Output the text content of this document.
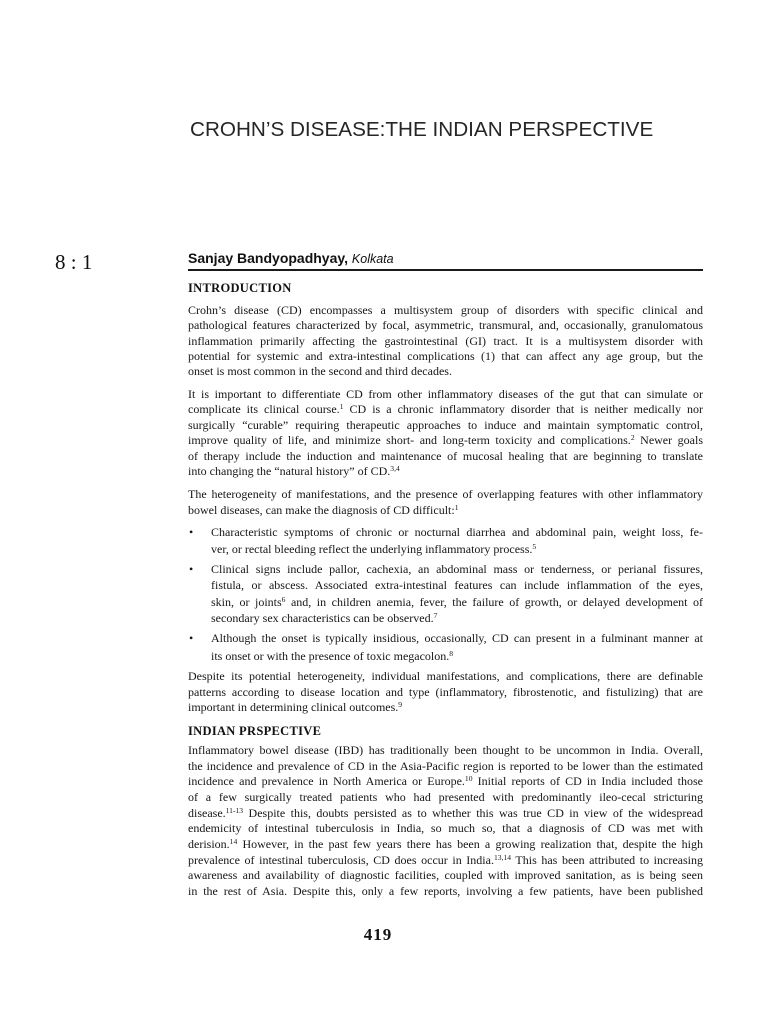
CROHN’S DISEASE:THE INDIAN PERSPECTIVE
8 : 1	Sanjay Bandyopadhyay, Kolkata
INTRODUCTION
Crohn’s disease (CD) encompasses a multisystem group of disorders with specific clinical and
pathological features characterized by focal, asymmetric, transmural, and, occasionally, granulomatous
inflammation primarily affecting the gastrointestinal (GI) tract. It is a multisystem disorder with
potential for systemic and extra-intestinal complications (1) that can affect any age group, but the
onset is most common in the second and third decades.
It is important to differentiate CD from other inflammatory diseases of the gut that can simulate or
complicate its clinical course.$^1$ CD is a chronic inflammatory disorder that is neither medically nor
surgically “curable” requiring therapeutic approaches to induce and maintain symptomatic control,
improve quality of life, and minimize short- and long-term toxicity and complications.$^2$ Newer goals
of therapy include the induction and maintenance of mucosal healing that are beginning to translate
into changing the “natural history” of CD.$^{3,4}$
The heterogeneity of manifestations, and the presence of overlapping features with other inflammatory
bowel diseases, can make the diagnosis of CD difficult:$^1$
• Characteristic symptoms of chronic or nocturnal diarrhea and abdominal pain, weight loss, fe-
ver, or rectal bleeding reflect the underlying inflammatory process.$^5$
• Clinical signs include pallor, cachexia, an abdominal mass or tenderness, or perianal fissures,
fistula, or abscess. Associated extra-intestinal features can include inflammation of the eyes,
skin, or joints$^6$ and, in children anemia, fever, the failure of growth, or delayed development of
secondary sex characteristics can be observed.$^7$
• Although the onset is typically insidious, occasionally, CD can present in a fulminant manner at
its onset or with the presence of toxic megacolon.$^8$
Despite its potential heterogeneity, individual manifestations, and complications, there are definable
patterns according to disease location and type (inflammatory, fibrostenotic, and fistulizing) that are
important in determining clinical outcomes.$^9$
INDIAN PRSPECTIVE
Inflammatory bowel disease (IBD) has traditionally been thought to be uncommon in India. Overall,
the incidence and prevalence of CD in the Asia-Pacific region is reported to be lower than the estimated
incidence and prevalence in North America or Europe.$^{10}$ Initial reports of CD in India included those
of a few surgically treated patients who had presented with predominantly ileo-cecal stricturing
disease.$^{11-13}$ Despite this, doubts persisted as to whether this was true CD in view of the widespread
endemicity of intestinal tuberculosis in India, so much so, that a diagnosis of CD was met with
derision.$^{14}$ However, in the past few years there has been a growing realization that, despite the high
prevalence of intestinal tuberculosis, CD does occur in India.$^{13,14}$ This has been attributed to increasing
awareness and availability of diagnostic facilities, coupled with improved sanitation, as is being seen
in the rest of Asia. Despite this, only a few reports, involving a few patients, have been published
419
